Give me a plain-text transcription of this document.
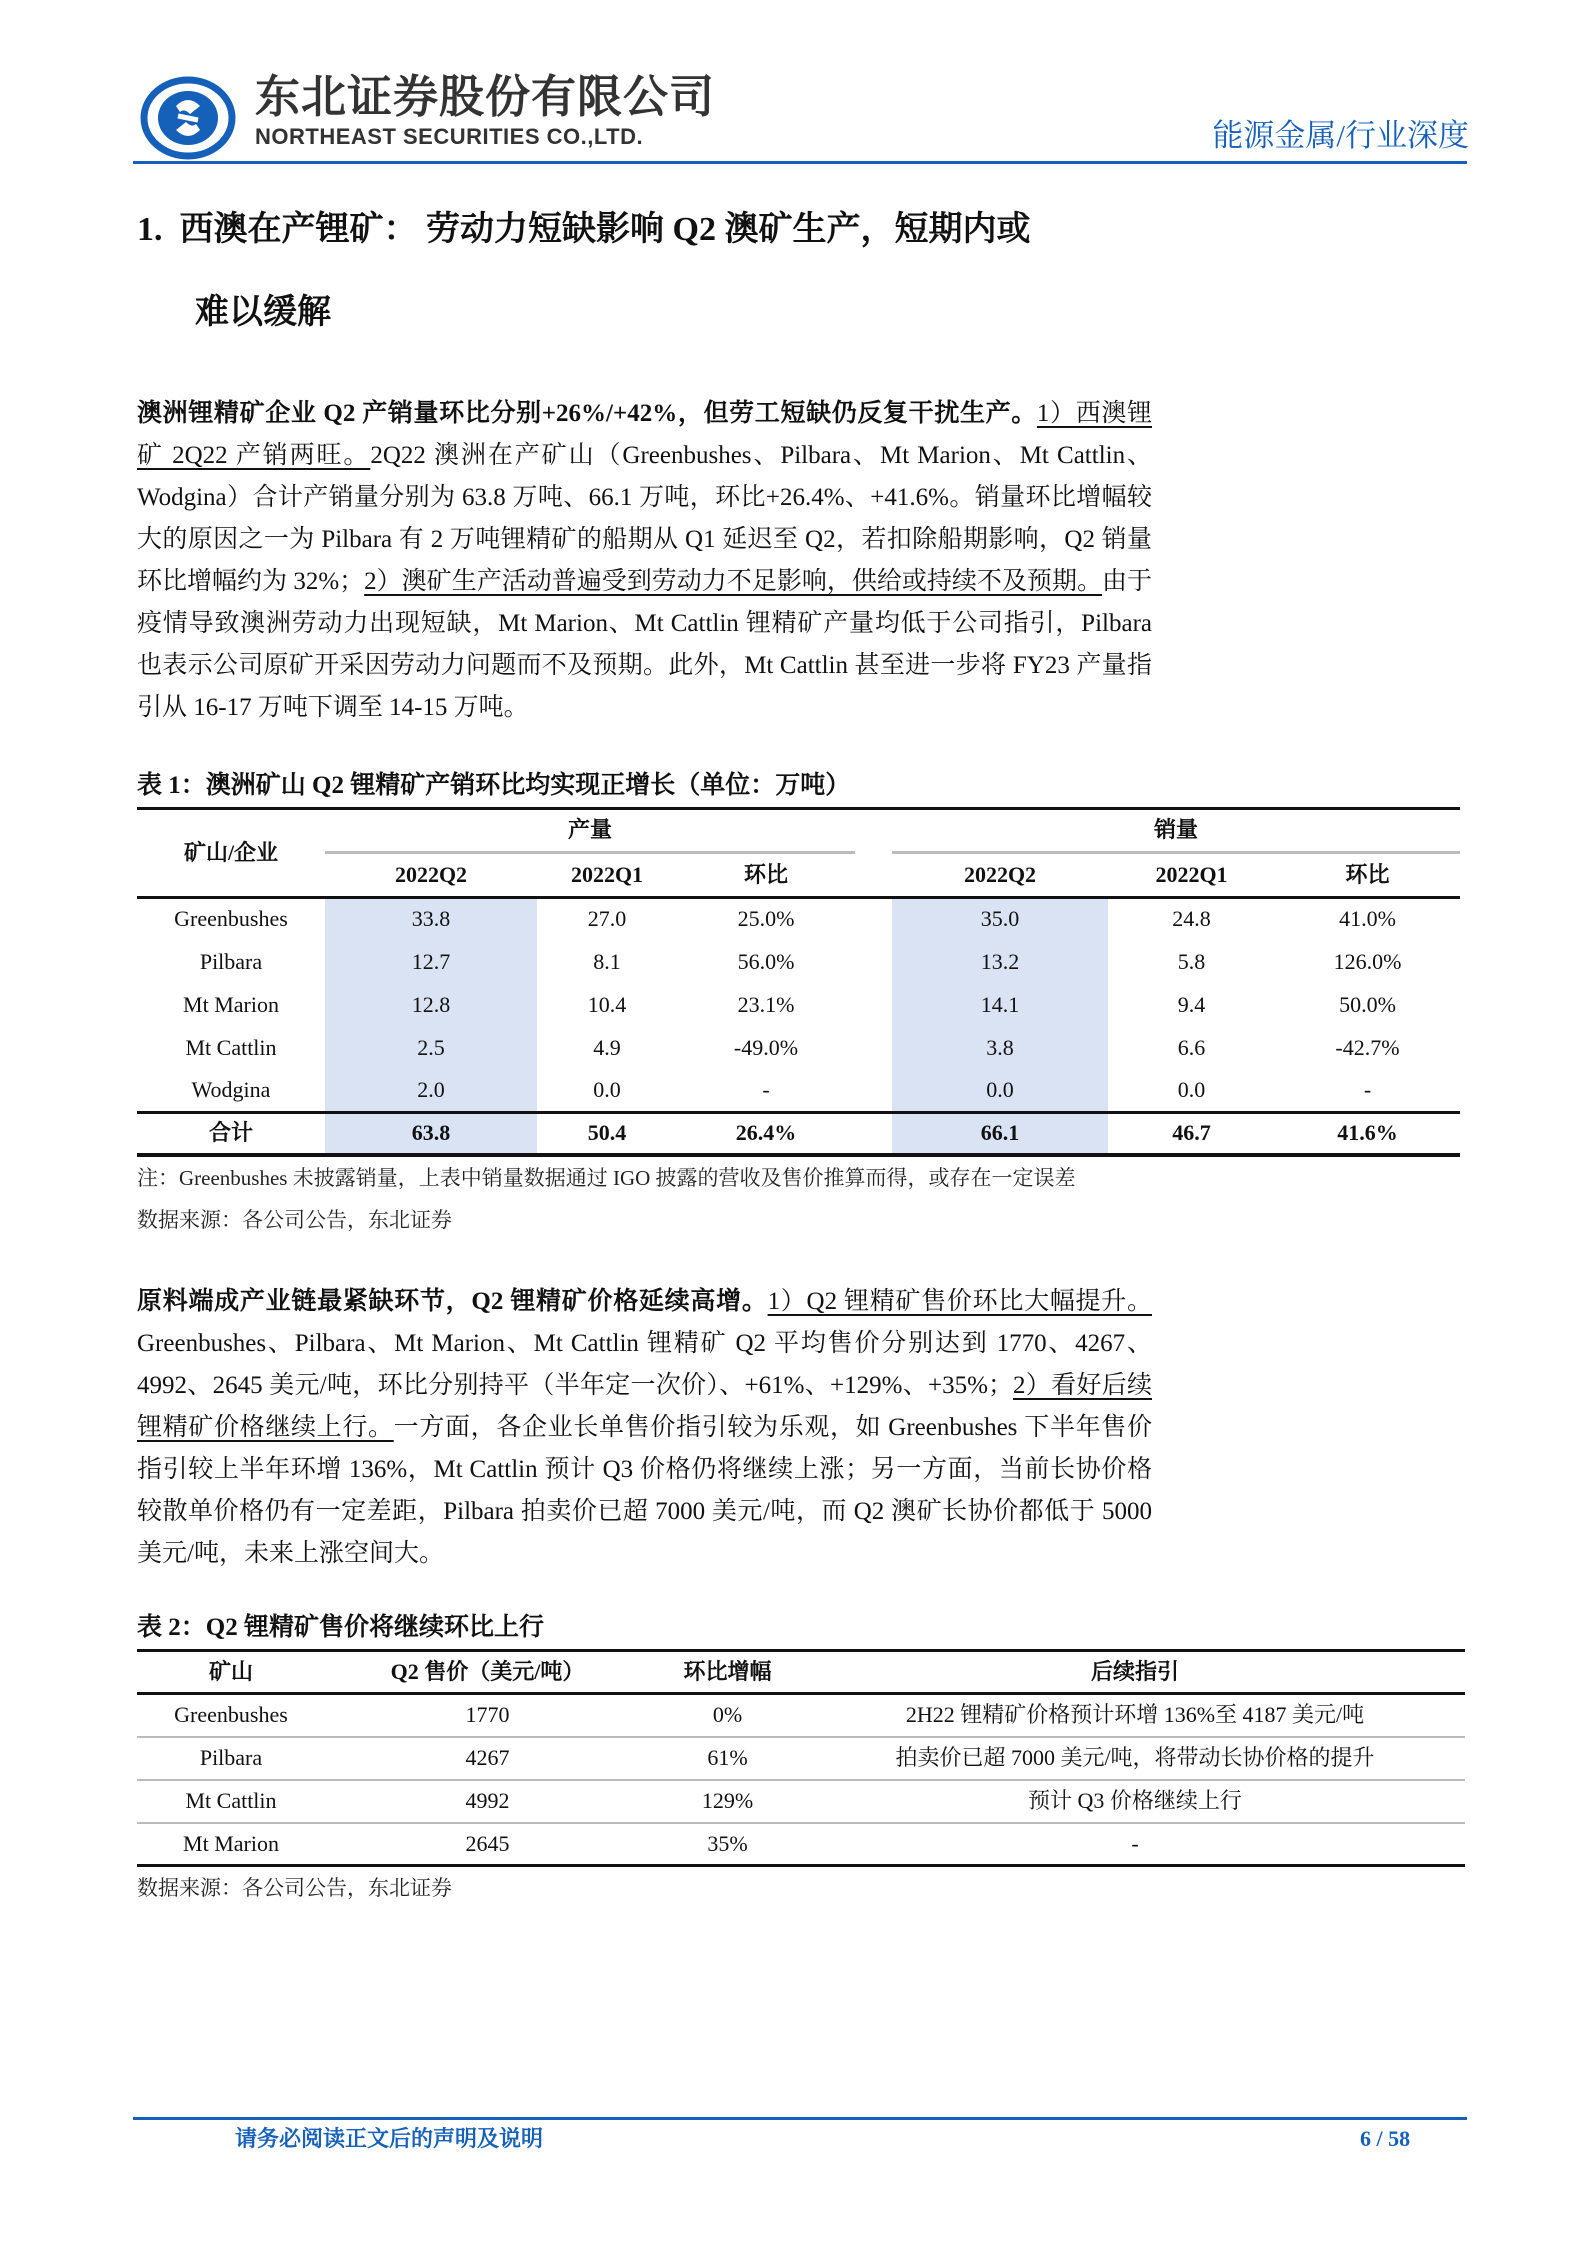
东北证券股份有限公司
NORTHEAST SECURITIES CO.,LTD.	能源金属/行业深度
1. 西澳在产锂矿： 劳动力短缺影响 Q2 澳矿生产，短期内或
难以缓解
澳洲锂精矿企业 Q2 产销量环比分别+26%/+42%，但劳工短缺仍反复干扰生产。1）西澳锂矿 2Q22 产销两旺。2Q22 澳洲在产矿山（Greenbushes、Pilbara、Mt Marion、Mt Cattlin、Wodgina）合计产销量分别为 63.8 万吨、66.1 万吨，环比+26.4%、+41.6%。销量环比增幅较大的原因之一为 Pilbara 有 2 万吨锂精矿的船期从 Q1 延迟至 Q2，若扣除船期影响，Q2 销量环比增幅约为 32%；2）澳矿生产活动普遍受到劳动力不足影响，供给或持续不及预期。由于疫情导致澳洲劳动力出现短缺，Mt Marion、Mt Cattlin 锂精矿产量均低于公司指引，Pilbara 也表示公司原矿开采因劳动力问题而不及预期。此外，Mt Cattlin 甚至进一步将 FY23 产量指引从 16-17 万吨下调至 14-15 万吨。
表 1：澳洲矿山 Q2 锂精矿产销环比均实现正增长（单位：万吨）
矿山/企业	产量				销量		

	2022Q2	2022Q1	环比		2022Q2	2022Q1	环比
Greenbushes	33.8	27.0	25.0%		35.0	24.8	41.0%
Pilbara	12.7	8.1	56.0%		13.2	5.8	126.0%
Mt Marion	12.8	10.4	23.1%		14.1	9.4	50.0%
Mt Cattlin	2.5	4.9	-49.0%		3.8	6.6	-42.7%
Wodgina	2.0	0.0	-		0.0	0.0	-
合计	63.8	50.4	26.4%		66.1	46.7	41.6%
注：Greenbushes 未披露销量，上表中销量数据通过 IGO 披露的营收及售价推算而得，或存在一定误差
数据来源：各公司公告，东北证券
原料端成产业链最紧缺环节，Q2 锂精矿价格延续高增。1）Q2 锂精矿售价环比大幅提升。Greenbushes、Pilbara、Mt Marion、Mt Cattlin 锂精矿 Q2 平均售价分别达到 1770、4267、4992、2645 美元/吨，环比分别持平（半年定一次价）、+61%、+129%、+35%；2）看好后续锂精矿价格继续上行。一方面，各企业长单售价指引较为乐观，如 Greenbushes 下半年售价指引较上半年环增 136%，Mt Cattlin 预计 Q3 价格仍将继续上涨；另一方面，当前长协价格较散单价格仍有一定差距，Pilbara 拍卖价已超 7000 美元/吨，而 Q2 澳矿长协价都低于 5000 美元/吨，未来上涨空间大。
表 2：Q2 锂精矿售价将继续环比上行
矿山	Q2 售价（美元/吨）	环比增幅	后续指引
Greenbushes	1770	0%	2H22 锂精矿价格预计环增 136%至 4187 美元/吨
Pilbara	4267	61%	拍卖价已超 7000 美元/吨，将带动长协价格的提升
Mt Cattlin	4992	129%	预计 Q3 价格继续上行
Mt Marion	2645	35%	-
数据来源：各公司公告，东北证券
请务必阅读正文后的声明及说明	6 / 58
